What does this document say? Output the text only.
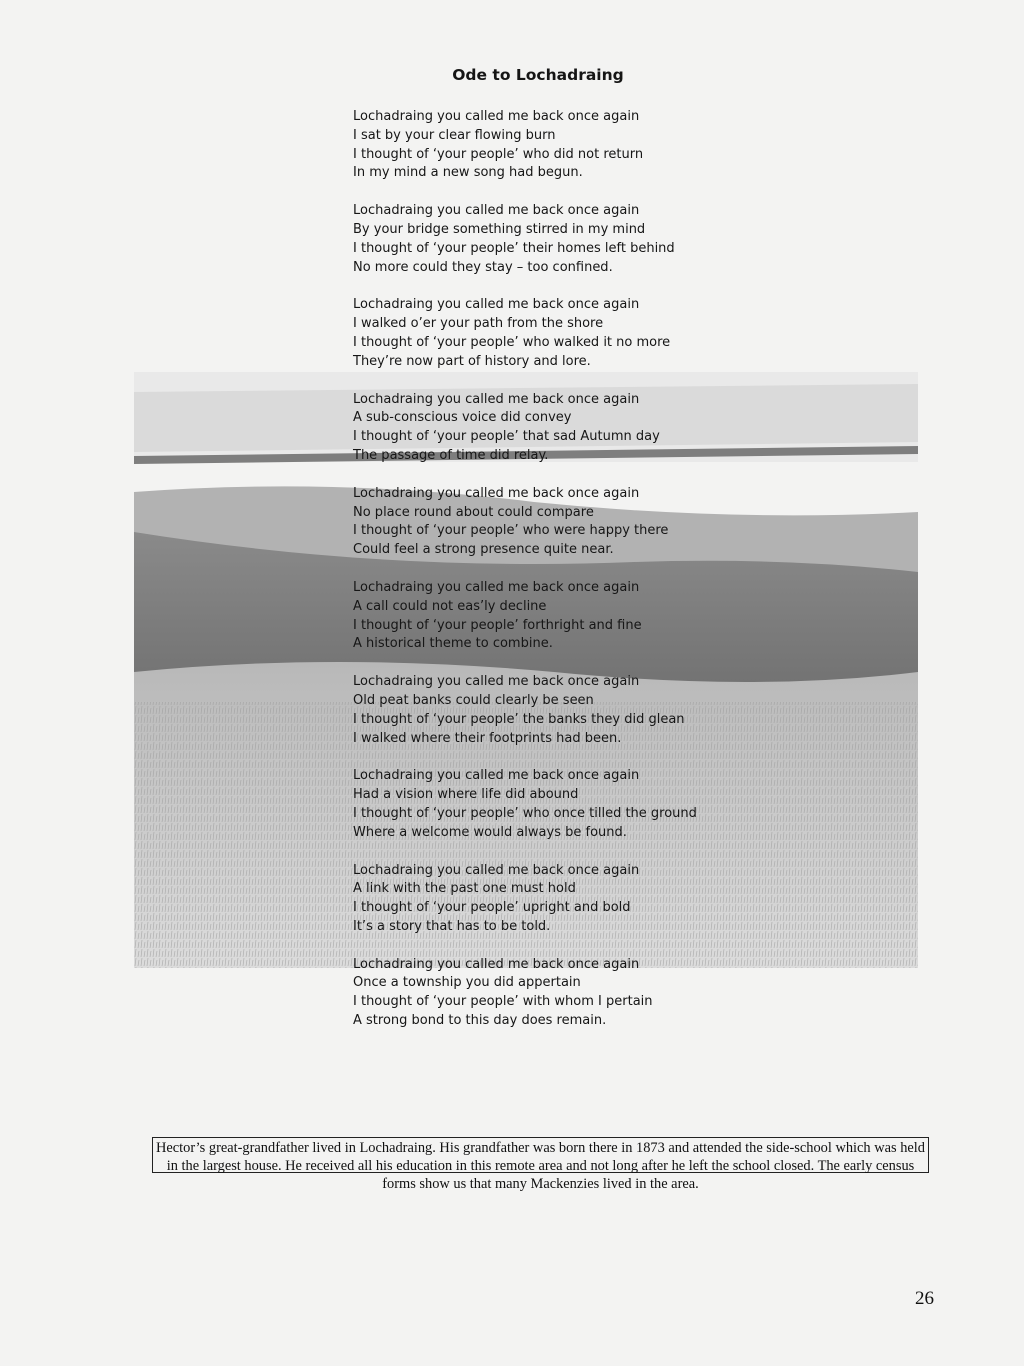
Ode to Lochadraing
Lochadraing you called me back once again
I sat by your clear flowing burn
I thought of ‘your people’ who did not return
In my mind a new song had begun.
Lochadraing you called me back once again
By your bridge something stirred in my mind
I thought of ‘your people’ their homes left behind
No more could they stay – too confined.
Lochadraing you called me back once again
I walked o’er your path from the shore
I thought of ‘your people’ who walked it no more
They’re now part of history and lore.
Lochadraing you called me back once again
A sub-conscious voice did convey
I thought of ‘your people’ that sad Autumn day
The passage of time did relay.
Lochadraing you called me back once again
No place round about could compare
I thought of ‘your people’ who were happy there
Could feel a strong presence quite near.
Lochadraing you called me back once again
A call could not eas’ly decline
I thought of ‘your people’ forthright and fine
A historical theme to combine.
Lochadraing you called me back once again
Old peat banks could clearly be seen
I thought of ‘your people’ the banks they did glean
I walked where their footprints had been.
Lochadraing you called me back once again
Had a vision where life did abound
I thought of ‘your people’ who once tilled the ground
Where a welcome would always be found.
Lochadraing you called me back once again
A link with the past one must hold
I thought of ‘your people’ upright and bold
It’s a story that has to be told.
Lochadraing you called me back once again
Once a township you did appertain
I thought of ‘your people’ with whom I pertain
A strong bond to this day does remain.
Hector’s great-grandfather lived in Lochadraing. His grandfather was born there in 1873 and attended the side-school which was held in the largest house. He received all his education in this remote area and not long after he left the school closed. The early census forms show us that many Mackenzies lived in the area.
26
